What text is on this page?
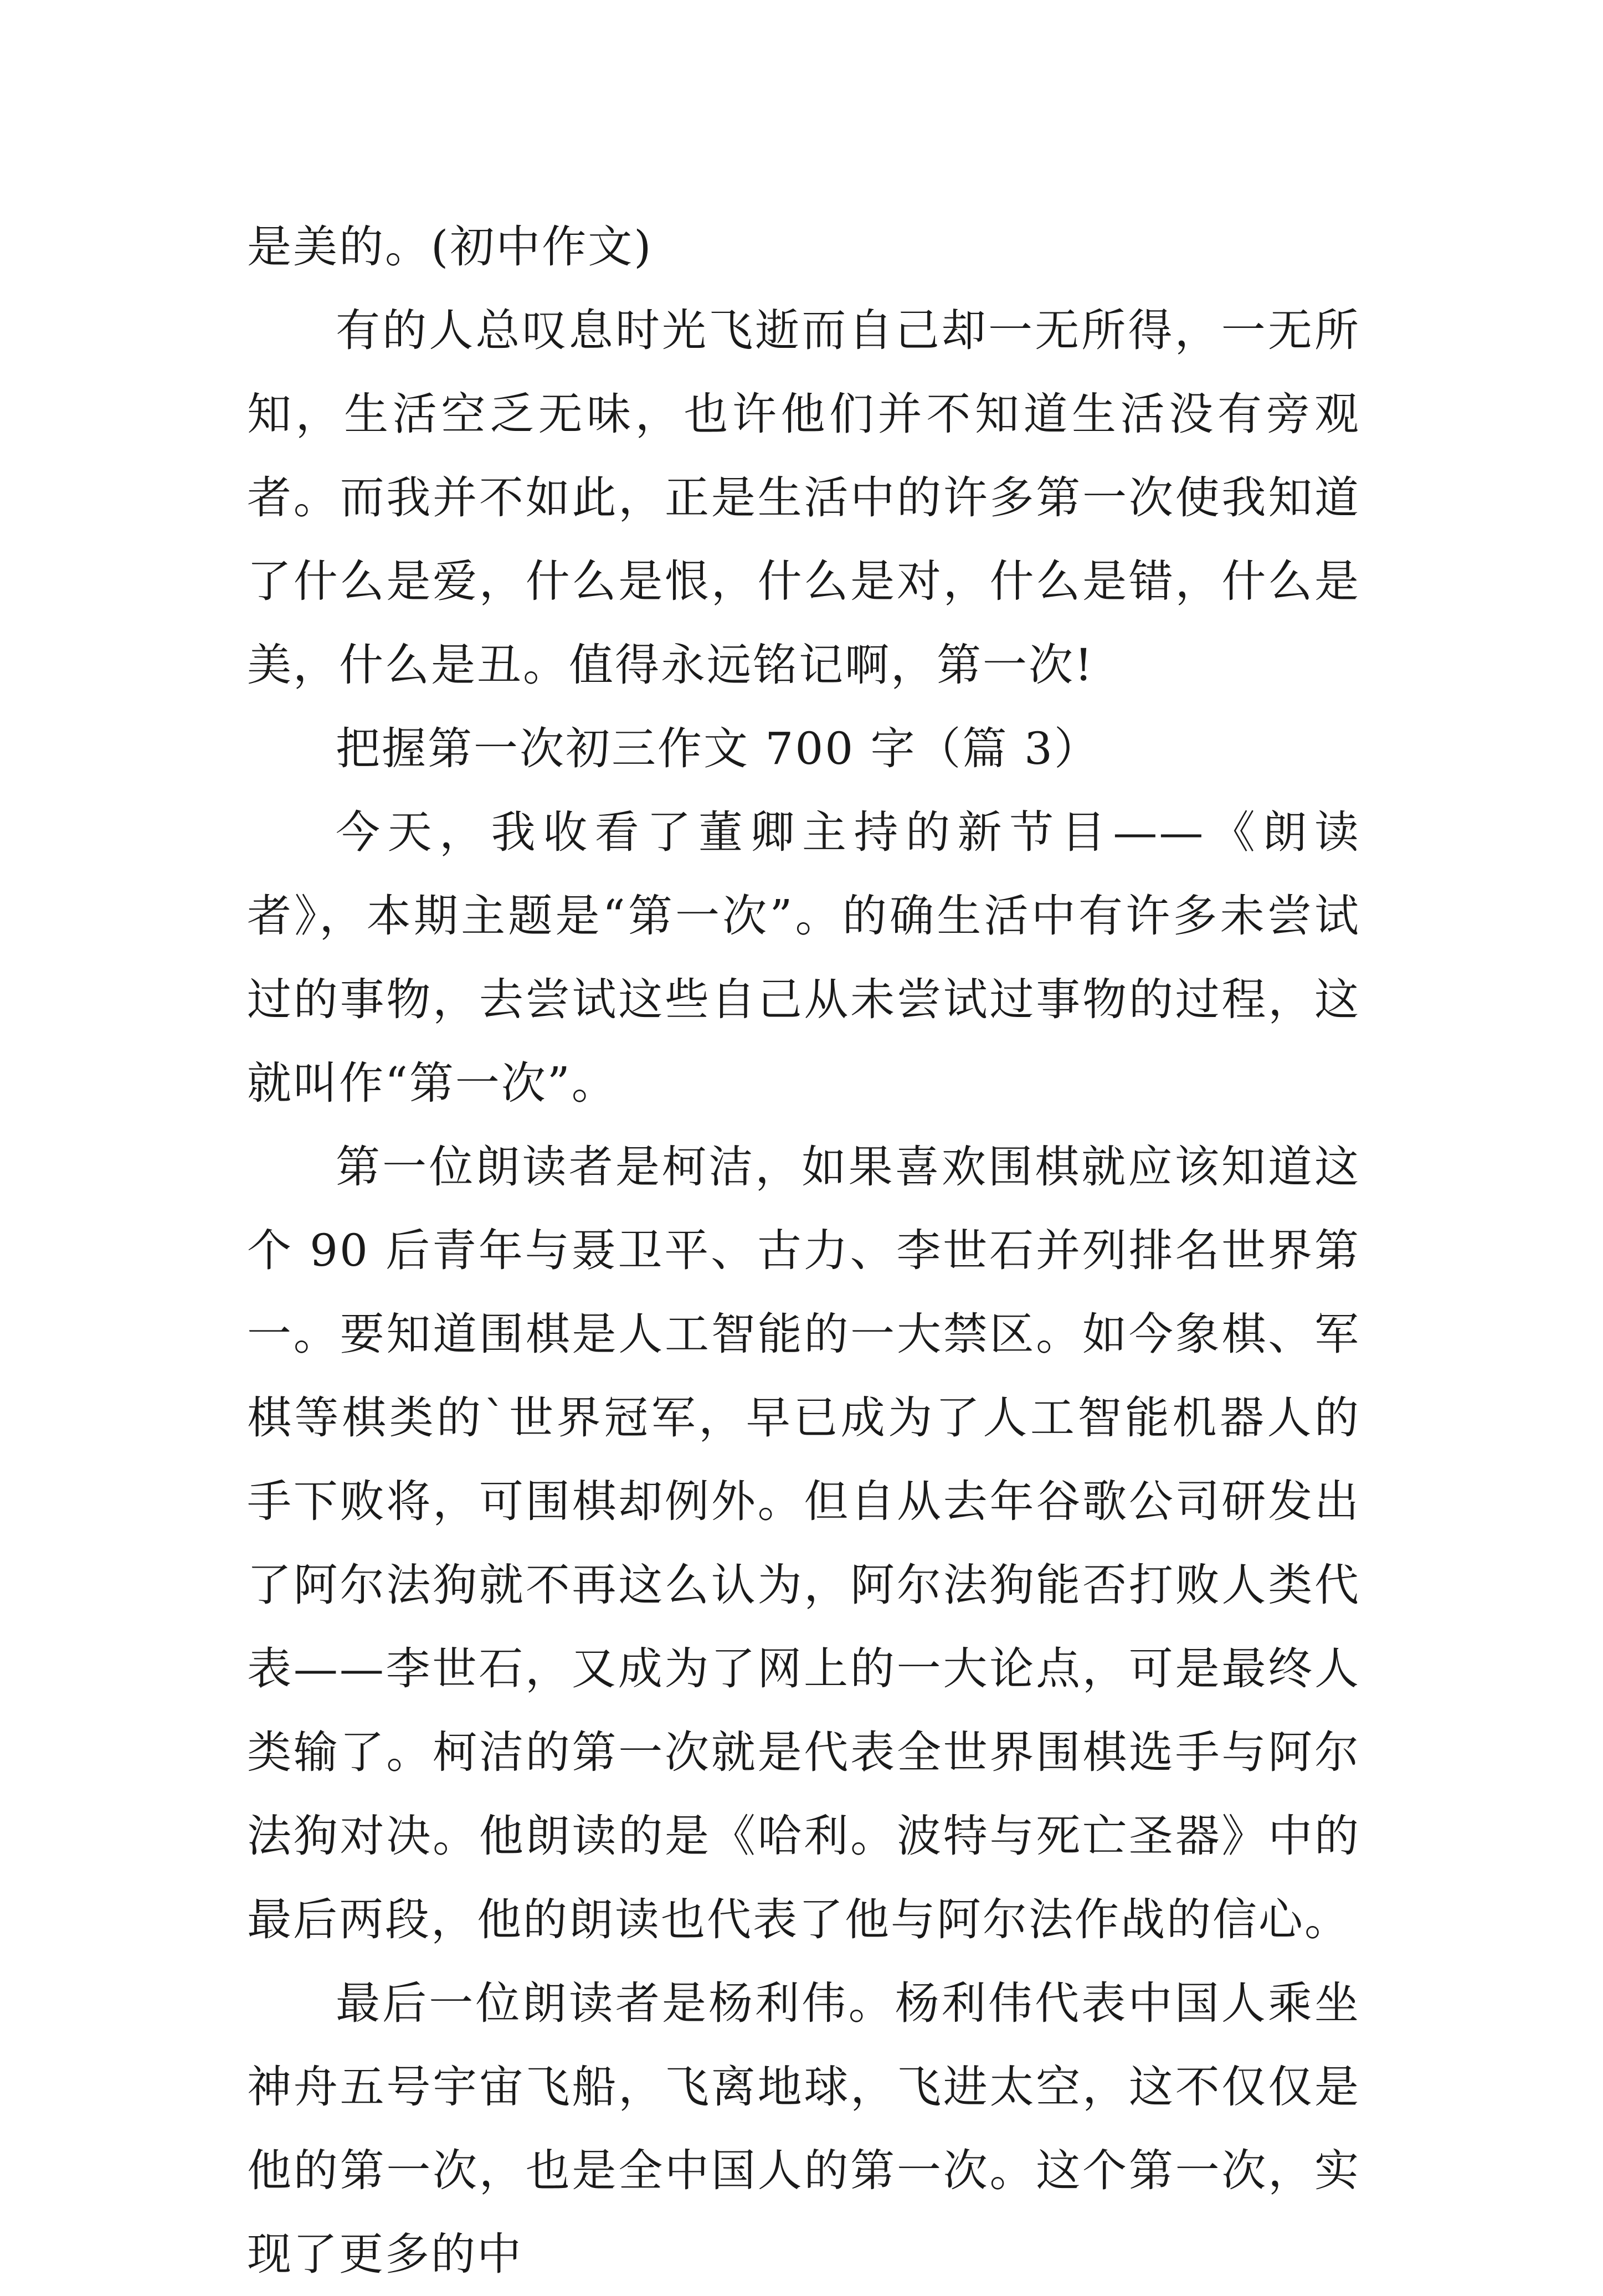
是美的。(初中作文)

有的人总叹息时光飞逝而自己却一无所得，一无所知，生活空乏无味，也许他们并不知道生活没有旁观者。而我并不如此，正是生活中的许多第一次使我知道了什么是爱，什么是恨，什么是对，什么是错，什么是美，什么是丑。值得永远铭记啊，第一次!

把握第一次初三作文 700 字（篇 3）

今天，我收看了董卿主持的新节目——《朗读者》，本期主题是“第一次”。的确生活中有许多未尝试过的事物，去尝试这些自己从未尝试过事物的过程，这就叫作“第一次”。

第一位朗读者是柯洁，如果喜欢围棋就应该知道这个 90 后青年与聂卫平、古力、李世石并列排名世界第一。要知道围棋是人工智能的一大禁区。如今象棋、军棋等棋类的`世界冠军，早已成为了人工智能机器人的手下败将，可围棋却例外。但自从去年谷歌公司研发出了阿尔法狗就不再这么认为，阿尔法狗能否打败人类代表——李世石，又成为了网上的一大论点，可是最终人类输了。柯洁的第一次就是代表全世界围棋选手与阿尔法狗对决。他朗读的是《哈利。波特与死亡圣器》中的最后两段，他的朗读也代表了他与阿尔法作战的信心。

最后一位朗读者是杨利伟。杨利伟代表中国人乘坐神舟五号宇宙飞船，飞离地球，飞进太空，这不仅仅是他的第一次，也是全中国人的第一次。这个第一次，实现了更多的中
